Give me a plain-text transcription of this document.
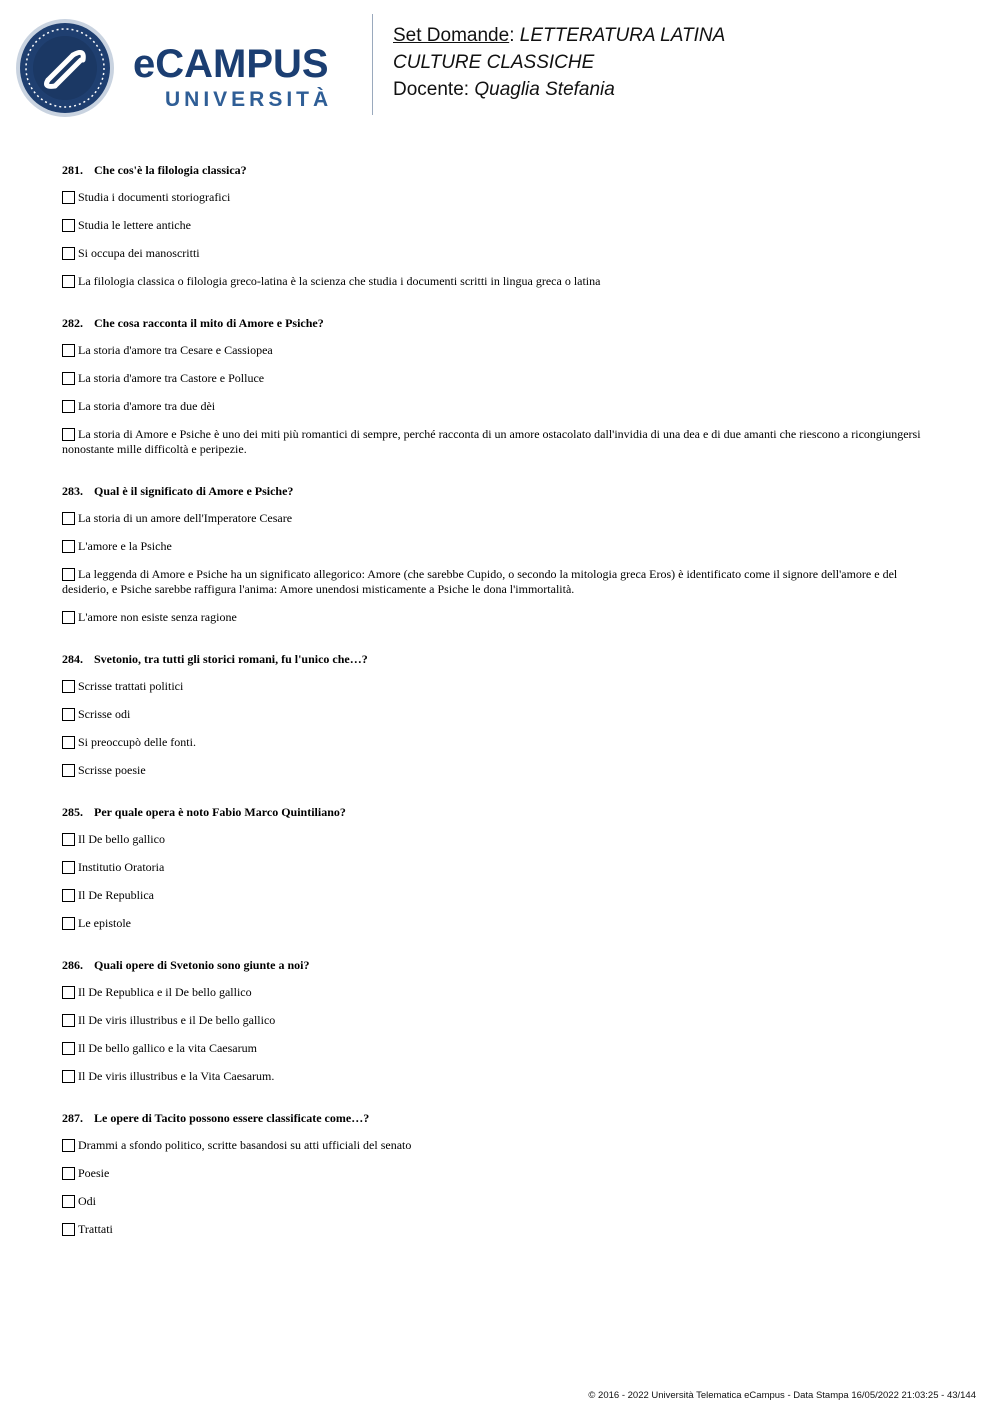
eCAMPUS
UNIVERSITÀ
Set Domande: LETTERATURA LATINA
CULTURE CLASSICHE
Docente: Quaglia Stefania
281. Che cos'è la filologia classica?
Studia i documenti storiografici
Studia le lettere antiche
Si occupa dei manoscritti
La filologia classica o filologia greco-latina è la scienza che studia i documenti scritti in lingua greca o latina
282. Che cosa racconta il mito di Amore e Psiche?
La storia d'amore tra Cesare e Cassiopea
La storia d'amore tra Castore e Polluce
La storia d'amore tra due dèi
La storia di Amore e Psiche è uno dei miti più romantici di sempre, perché racconta di un amore ostacolato dall'invidia di una dea e di due amanti che riescono a ricongiungersi nonostante mille difficoltà e peripezie.
283. Qual è il significato di Amore e Psiche?
La storia di un amore dell'Imperatore Cesare
L'amore e la Psiche
La leggenda di Amore e Psiche ha un significato allegorico: Amore (che sarebbe Cupido, o secondo la mitologia greca Eros) è identificato come il signore dell'amore e del desiderio, e Psiche sarebbe raffigura l'anima: Amore unendosi misticamente a Psiche le dona l'immortalità.
L'amore non esiste senza ragione
284. Svetonio, tra tutti gli storici romani, fu l'unico che…?
Scrisse trattati politici
Scrisse odi
Si preoccupò delle fonti.
Scrisse poesie
285. Per quale opera è noto Fabio Marco Quintiliano?
Il De bello gallico
Institutio Oratoria
Il De Republica
Le epistole
286. Quali opere di Svetonio sono giunte a noi?
Il De Republica e il De bello gallico
Il De viris illustribus e il De bello gallico
Il De bello gallico e la vita Caesarum
Il De viris illustribus e la Vita Caesarum.
287. Le opere di Tacito possono essere classificate come…?
Drammi a sfondo politico, scritte basandosi su atti ufficiali del senato
Poesie
Odi
Trattati
© 2016 - 2022 Università Telematica eCampus - Data Stampa 16/05/2022 21:03:25 - 43/144
